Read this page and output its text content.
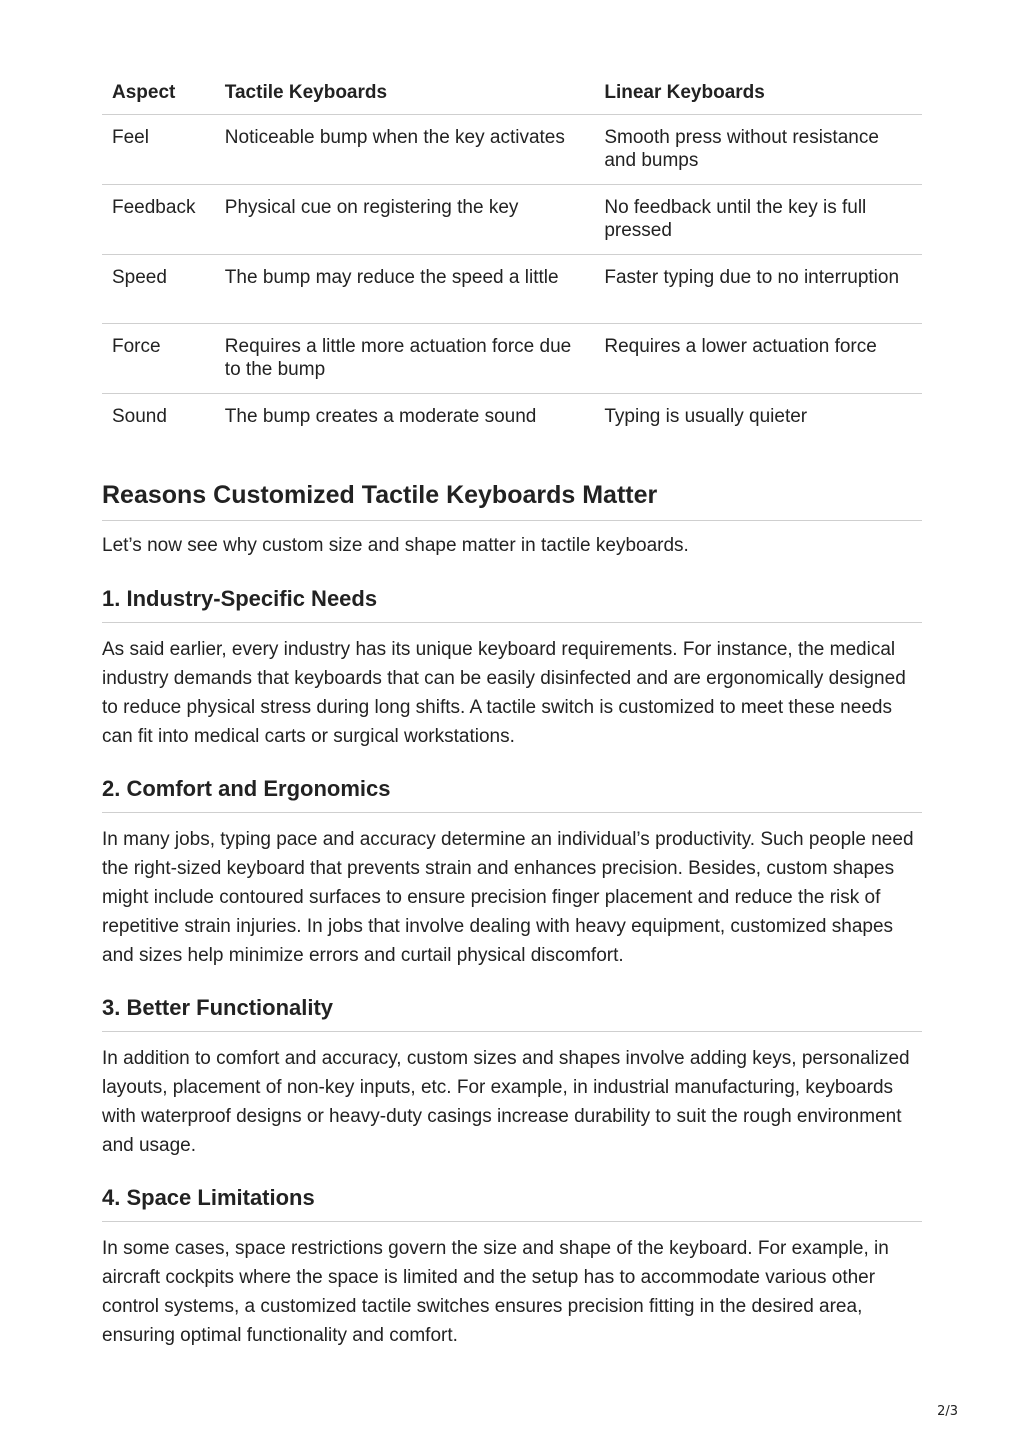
Aspect	Tactile Keyboards	Linear Keyboards
Feel	Noticeable bump when the key activates	Smooth press without resistance and bumps
Feedback	Physical cue on registering the key	No feedback until the key is full pressed
Speed	The bump may reduce the speed a little	Faster typing due to no interruption
Force	Requires a little more actuation force due to the bump	Requires a lower actuation force
Sound	The bump creates a moderate sound	Typing is usually quieter
Reasons Customized Tactile Keyboards Matter

Let’s now see why custom size and shape matter in tactile keyboards.

1. Industry-Specific Needs

As said earlier, every industry has its unique keyboard requirements. For instance, the medical industry demands that keyboards that can be easily disinfected and are ergonomically designed to reduce physical stress during long shifts. A tactile switch is customized to meet these needs can fit into medical carts or surgical workstations.

2. Comfort and Ergonomics

In many jobs, typing pace and accuracy determine an individual’s productivity. Such people need the right-sized keyboard that prevents strain and enhances precision. Besides, custom shapes might include contoured surfaces to ensure precision finger placement and reduce the risk of repetitive strain injuries. In jobs that involve dealing with heavy equipment, customized shapes and sizes help minimize errors and curtail physical discomfort.

3. Better Functionality

In addition to comfort and accuracy, custom sizes and shapes involve adding keys, personalized layouts, placement of non-key inputs, etc. For example, in industrial manufacturing, keyboards with waterproof designs or heavy-duty casings increase durability to suit the rough environment and usage.

4. Space Limitations

In some cases, space restrictions govern the size and shape of the keyboard. For example, in aircraft cockpits where the space is limited and the setup has to accommodate various other control systems, a customized tactile switches ensures precision fitting in the desired area, ensuring optimal functionality and comfort.

2/3
